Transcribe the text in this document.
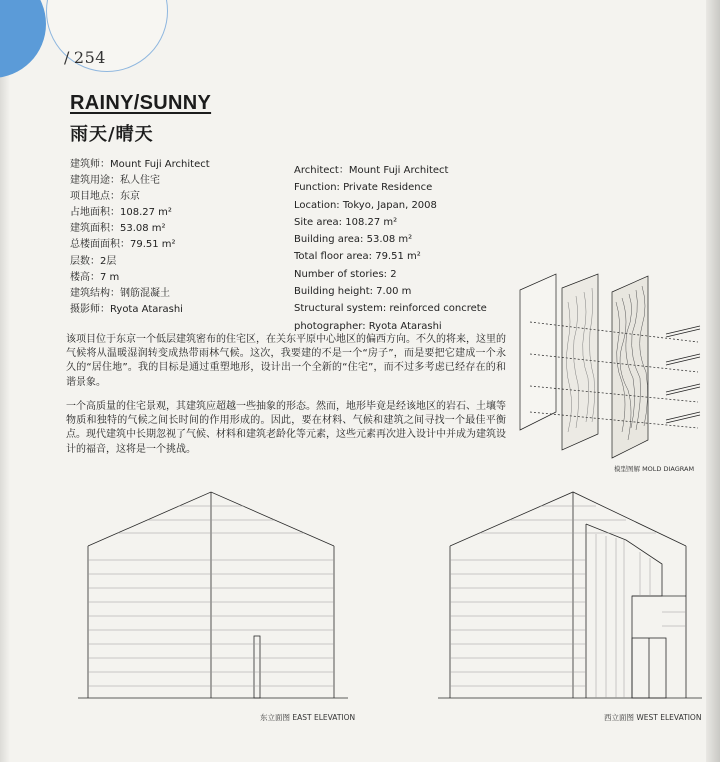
/ 254
RAINY/SUNNY
雨天/晴天
建筑师：Mount Fuji Architect
建筑用途：私人住宅
项目地点：东京
占地面积：108.27 m²
建筑面积：53.08 m²
总楼面面积：79.51 m²
层数：2层
楼高：7 m
建筑结构：钢筋混凝土
摄影师：Ryota Atarashi
Architect：Mount Fuji Architect
Function: Private Residence
Location: Tokyo, Japan, 2008
Site area: 108.27 m²
Building area: 53.08 m²
Total floor area: 79.51 m²
Number of stories: 2
Building height: 7.00 m
Structural system: reinforced concrete
photographer: Ryota Atarashi

该项目位于东京一个低层建筑密布的住宅区，在关东平原中心地区的偏西方向。不久的将来，这里的气候将从温暖湿润转变成热带雨林气候。这次，我要建的不是一个“房子”，而是要把它建成一个永久的“居住地”。我的目标是通过重塑地形，设计出一个全新的“住宅”，而不过多考虑已经存在的和谐景象。

一个高质量的住宅景观，其建筑应超越一些抽象的形态。然而，地形毕竟是经该地区的岩石、土壤等物质和独特的气候之间长时间的作用形成的。因此，要在材料、气候和建筑之间寻找一个最佳平衡点。现代建筑中长期忽视了气候、材料和建筑老龄化等元素，这些元素再次进入设计中并成为建筑设计的福音，这将是一个挑战。

模型图解 MOLD DIAGRAM
东立面图 EAST ELEVATION	西立面图 WEST ELEVATION
